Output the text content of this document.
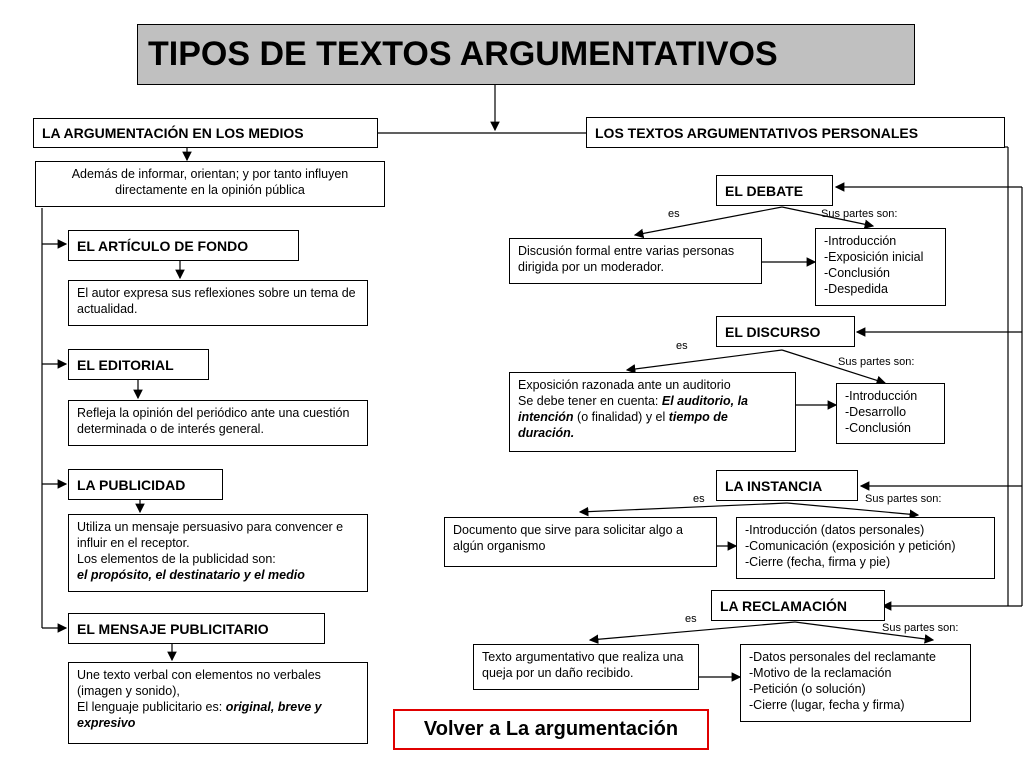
TIPOS DE TEXTOS ARGUMENTATIVOS
LA ARGUMENTACIÓN EN LOS MEDIOS
Además de informar, orientan; y por tanto influyen directamente en la opinión pública
EL ARTÍCULO DE FONDO
El autor expresa sus reflexiones sobre un tema de actualidad.
EL EDITORIAL
Refleja la opinión del periódico ante una cuestión determinada o de interés general.
LA PUBLICIDAD
Utiliza un mensaje persuasivo para convencer e influir en el receptor.
Los elementos de la publicidad son:
el propósito, el destinatario y el medio
EL MENSAJE PUBLICITARIO
Une texto verbal con elementos no verbales (imagen y sonido),
El lenguaje publicitario es: original, breve y expresivo
LOS TEXTOS ARGUMENTATIVOS PERSONALES
EL DEBATE
es	Sus partes son:
Discusión formal entre varias personas dirigida por un moderador.
-Introducción
-Exposición inicial
-Conclusión
-Despedida
EL DISCURSO
es
Sus partes son:
Exposición razonada ante un auditorio
Se debe tener en cuenta: El auditorio, la intención (o finalidad) y el tiempo de duración.
-Introducción
-Desarrollo
-Conclusión
LA INSTANCIA
es	Sus partes son:
Documento que sirve para solicitar algo a algún organismo
-Introducción (datos personales)
-Comunicación (exposición y petición)
-Cierre (fecha, firma y pie)
LA RECLAMACIÓN
es
Sus partes son:
Texto argumentativo que realiza una queja por un daño recibido.
-Datos personales del reclamante
-Motivo de la reclamación
-Petición (o solución)
-Cierre (lugar, fecha y firma)
Volver a La argumentación
